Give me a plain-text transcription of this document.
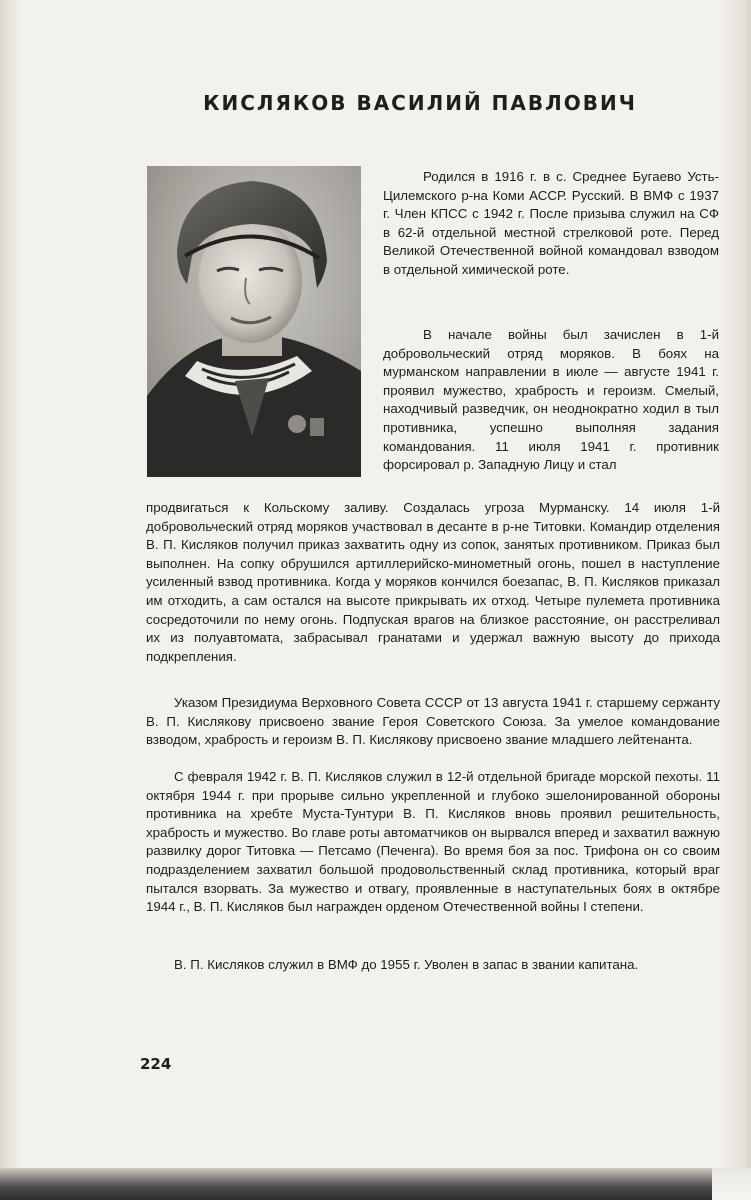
КИСЛЯКОВ ВАСИЛИЙ ПАВЛОВИЧ

Родился в 1916 г. в с. Среднее Бугаево Усть-Цилемского р-на Коми АССР. Русский. В ВМФ с 1937 г. Член КПСС с 1942 г. После призыва служил на СФ в 62-й отдельной местной стрелковой роте. Перед Великой Отечественной войной командовал взводом в отдельной химической роте.

В начале войны был зачислен в 1-й добровольческий отряд моряков. В боях на мурманском направлении в июле — августе 1941 г. проявил мужество, храбрость и героизм. Смелый, находчивый разведчик, он неоднократно ходил в тыл противника, успешно выполняя задания командования. 11 июля 1941 г. противник форсировал р. Западную Лицу и стал

продвигаться к Кольскому заливу. Создалась угроза Мурманску. 14 июля 1-й добровольческий отряд моряков участвовал в десанте в р-не Титовки. Командир отделения В. П. Кисляков получил приказ захватить одну из сопок, занятых противником. Приказ был выполнен. На сопку обрушился артиллерийско-минометный огонь, пошел в наступление усиленный взвод противника. Когда у моряков кончился боезапас, В. П. Кисляков приказал им отходить, а сам остался на высоте прикрывать их отход. Четыре пулемета противника сосредоточили по нему огонь. Подпуская врагов на близкое расстояние, он расстреливал их из полуавтомата, забрасывал гранатами и удержал важную высоту до прихода подкрепления.

Указом Президиума Верховного Совета СССР от 13 августа 1941 г. старшему сержанту В. П. Кислякову присвоено звание Героя Советского Союза. За умелое командование взводом, храбрость и героизм В. П. Кислякову присвоено звание младшего лейтенанта.

С февраля 1942 г. В. П. Кисляков служил в 12-й отдельной бригаде морской пехоты. 11 октября 1944 г. при прорыве сильно укрепленной и глубоко эшелонированной обороны противника на хребте Муста-Тунтури В. П. Кисляков вновь проявил решительность, храбрость и мужество. Во главе роты автоматчиков он вырвался вперед и захватил важную развилку дорог Титовка — Петсамо (Печенга). Во время боя за пос. Трифона он со своим подразделением захватил большой продовольственный склад противника, который враг пытался взорвать. За мужество и отвагу, проявленные в наступательных боях в октябре 1944 г., В. П. Кисляков был награжден орденом Отечественной войны I степени.

В. П. Кисляков служил в ВМФ до 1955 г. Уволен в запас в звании капитана.

224
